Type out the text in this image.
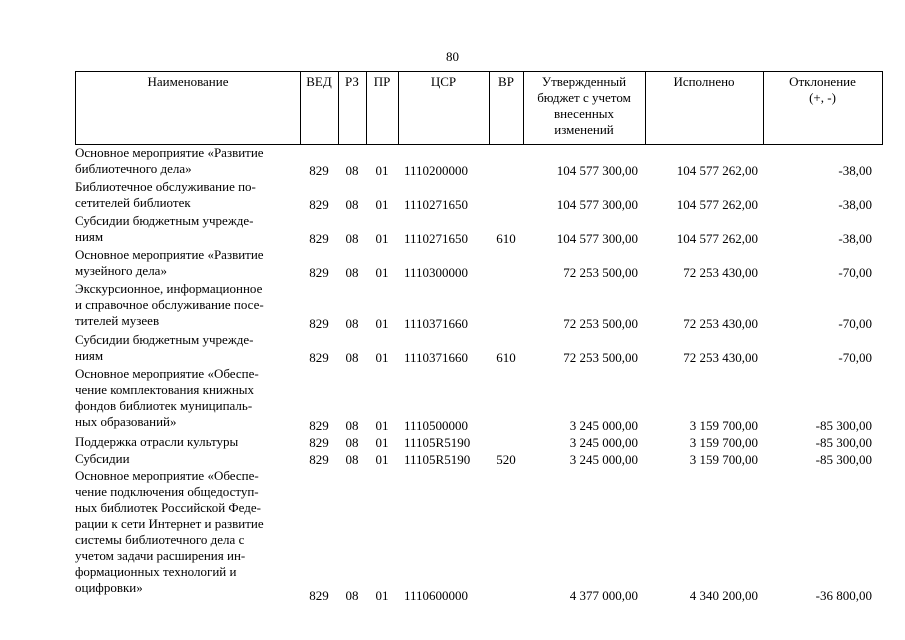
80
Наименование	ВЕД	РЗ	ПР	ЦСР	ВР	Утвержденный
бюджет с учетом
внесенных
изменений
Исполнено	Отклонение
(+, -)
Основное мероприятие «Развитие
библиотечного дела»	829	08	01	1110200000	104 577 300,00	104 577 262,00	-38,00
Библиотечное обслуживание по-
сетителей библиотек	829	08	01	1110271650	104 577 300,00	104 577 262,00	-38,00
Субсидии бюджетным учрежде-
ниям	829	08	01	1110271650	610	104 577 300,00	104 577 262,00	-38,00
Основное мероприятие «Развитие
музейного дела»	829	08	01	1110300000	72 253 500,00	72 253 430,00	-70,00
Экскурсионное, информационное
и справочное обслуживание посе-
тителей музеев	829	08	01	1110371660	72 253 500,00	72 253 430,00	-70,00
Субсидии бюджетным учрежде-
ниям	829	08	01	1110371660	610	72 253 500,00	72 253 430,00	-70,00
Основное мероприятие «Обеспе-
чение комплектования книжных
фондов библиотек муниципаль-
ных образований»	829	08	01	1110500000	3 245 000,00	3 159 700,00	-85 300,00
Поддержка отрасли культуры	829	08	01	11105R5190	3 245 000,00	3 159 700,00	-85 300,00
Субсидии	829	08	01	11105R5190	520	3 245 000,00	3 159 700,00	-85 300,00
Основное мероприятие «Обеспе-
чение подключения общедоступ-
ных библиотек Российской Феде-
рации к сети Интернет и развитие
системы библиотечного дела с
учетом задачи расширения ин-
формационных технологий и
оцифровки»
829	08	01	1110600000	4 377 000,00	4 340 200,00	-36 800,00
